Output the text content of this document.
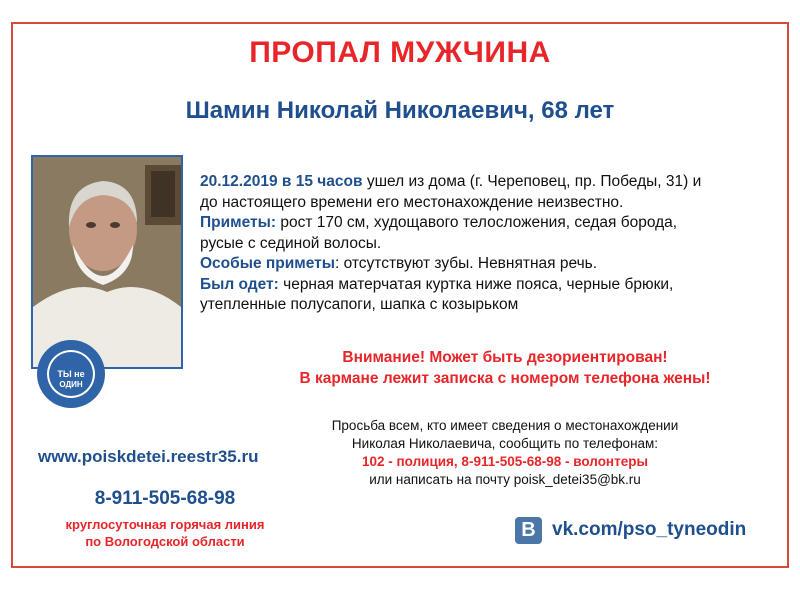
ПРОПАЛ МУЖЧИНА
Шамин Николай Николаевич, 68 лет
ТЫ не
ОДИН

20.12.2019 в 15 часов ушел из дома (г. Череповец, пр. Победы, 31) и

до настоящего времени его местонахождение неизвестно.

Приметы: рост 170 см, худощавого телосложения, седая борода,

русые с сединой волосы.

Особые приметы: отсутствуют зубы. Невнятная речь.

Был одет: черная матерчатая куртка ниже пояса, черные брюки,

утепленные полусапоги, шапка с козырьком

Внимание! Может быть дезориентирован!
В кармане лежит записка с номером телефона жены!
Просьба всем, кто имеет сведения о местонахождении
Николая Николаевича, сообщить по телефонам:
102 - полиция, 8-911-505-68-98 - волонтеры
или написать на почту poisk_detei35@bk.ru
www.poiskdetei.reestr35.ru
8-911-505-68-98
круглосуточная горячая линия
по Вологодской области
В vk.com/pso_tyneodin
